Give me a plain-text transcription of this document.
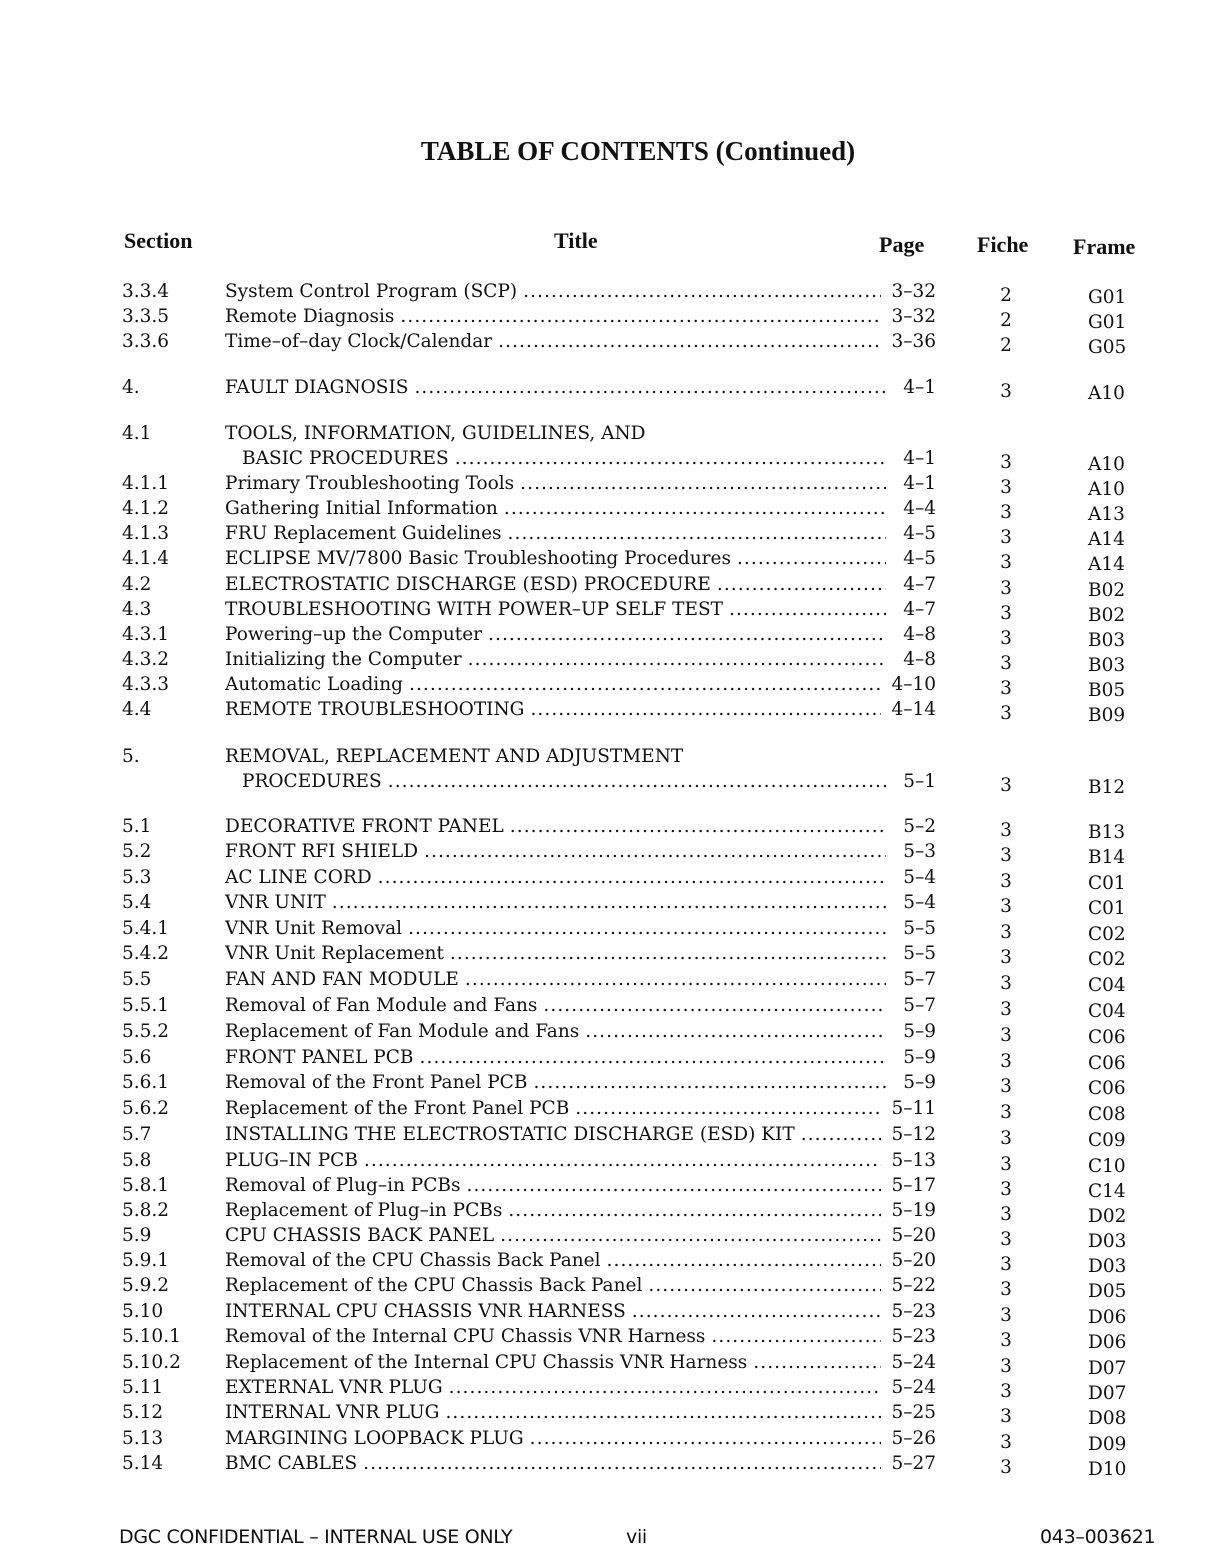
TABLE OF CONTENTS (Continued)
Section	Title	Page Fiche Frame
3.3.4	System Control Program (SCP) . . .	3–32	2	G01
3.3.5	Remote Diagnosis . . .	3–32	2	G01
3.3.6	Time–of–day Clock/Calendar . . .	3–36	2	G05
4.	FAULT DIAGNOSIS . . .	4–1	3	A10
4.1	TOOLS, INFORMATION, GUIDELINES, AND
BASIC PROCEDURES . . .	4–1	3	A10
4.1.1	Primary Troubleshooting Tools . . .	4–1	3	A10
4.1.2	Gathering Initial Information . . .	4–4	3	A13
4.1.3	FRU Replacement Guidelines . . .	4–5	3	A14
4.1.4	ECLIPSE MV/7800 Basic Troubleshooting Procedures . . .	4–5	3	A14
4.2	ELECTROSTATIC DISCHARGE (ESD) PROCEDURE . . .	4–7	3	B02
4.3	TROUBLESHOOTING WITH POWER–UP SELF TEST . . .	4–7	3	B02
4.3.1	Powering–up the Computer . . .	4–8	3	B03
4.3.2	Initializing the Computer . . .	4–8	3	B03
4.3.3	Automatic Loading . . .	4–10	3	B05
4.4	REMOTE TROUBLESHOOTING . . .	4–14	3	B09
5.	REMOVAL, REPLACEMENT AND ADJUSTMENT
PROCEDURES . . .	5–1	3	B12
5.1	DECORATIVE FRONT PANEL . . .	5–2	3	B13
5.2	FRONT RFI SHIELD . . .	5–3	3	B14
5.3	AC LINE CORD . . .	5–4	3	C01
5.4	VNR UNIT . . .	5–4	3	C01
5.4.1	VNR Unit Removal . . .	5–5	3	C02
5.4.2	VNR Unit Replacement . . .	5–5	3	C02
5.5	FAN AND FAN MODULE . . .	5–7	3	C04
5.5.1	Removal of Fan Module and Fans . . .	5–7	3	C04
5.5.2	Replacement of Fan Module and Fans . . .	5–9	3	C06
5.6	FRONT PANEL PCB . . .	5–9	3	C06
5.6.1	Removal of the Front Panel PCB . . .	5–9	3	C06
5.6.2	Replacement of the Front Panel PCB . . .	5–11	3	C08
5.7	INSTALLING THE ELECTROSTATIC DISCHARGE (ESD) KIT . . .	5–12	3	C09
5.8	PLUG–IN PCB . . .	5–13	3	C10
5.8.1	Removal of Plug–in PCBs . . .	5–17	3	C14
5.8.2	Replacement of Plug–in PCBs . . .	5–19	3	D02
5.9	CPU CHASSIS BACK PANEL . . .	5–20	3	D03
5.9.1	Removal of the CPU Chassis Back Panel . . .	5–20	3	D03
5.9.2	Replacement of the CPU Chassis Back Panel . . .	5–22	3	D05
5.10	INTERNAL CPU CHASSIS VNR HARNESS . . .	5–23	3	D06
5.10.1 Removal of the Internal CPU Chassis VNR Harness . . .	5–23	3	D06
5.10.2 Replacement of the Internal CPU Chassis VNR Harness . . .	5–24	3	D07
5.11	EXTERNAL VNR PLUG . . .	5–24	3	D07
5.12	INTERNAL VNR PLUG . . .	5–25	3	D08
5.13	MARGINING LOOPBACK PLUG . . .	5–26	3	D09
5.14	BMC CABLES . . .	5–27	3	D10
DGC CONFIDENTIAL – INTERNAL USE ONLY	vii	043–003621
